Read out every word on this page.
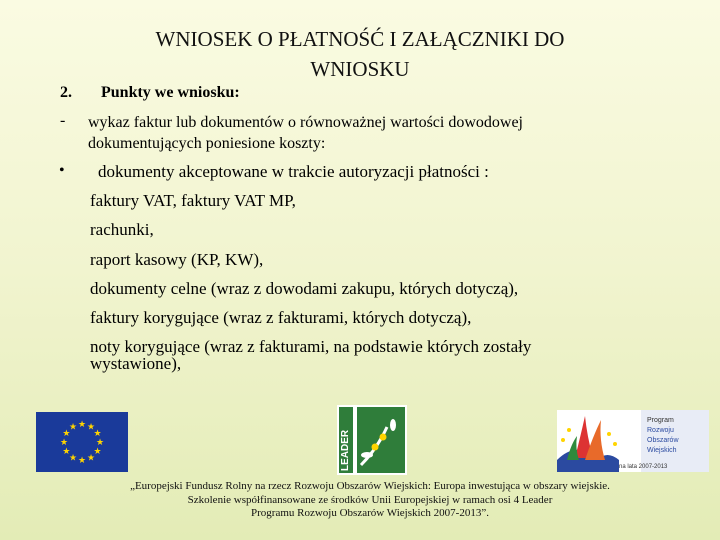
WNIOSEK O PŁATNOŚĆ I ZAŁĄCZNIKI DO
WNIOSKU
2. Punkty we wniosku:
- wykaz faktur lub dokumentów o równoważnej wartości dowodowej
dokumentujących poniesione koszty:
•	dokumenty akceptowane w trakcie autoryzacji płatności :
faktury VAT, faktury VAT MP,
rachunki,
raport kasowy (KP, KW),
dokumenty celne (wraz z dowodami zakupu, których dotyczą),
faktury korygujące (wraz z fakturami, których dotyczą),
noty korygujące (wraz z fakturami, na podstawie których zostały
wystawione),
★
★
★
★
★
★
★
★
★ ★ ★
★	LEADER
Program
Rozwoju
Obszarów
Wiejskich
na lata 2007-2013
„Europejski Fundusz Rolny na rzecz Rozwoju Obszarów Wiejskich: Europa inwestująca w obszary wiejskie.
Szkolenie współfinansowane ze środków Unii Europejskiej w ramach osi 4 Leader
Programu Rozwoju Obszarów Wiejskich 2007-2013”.
